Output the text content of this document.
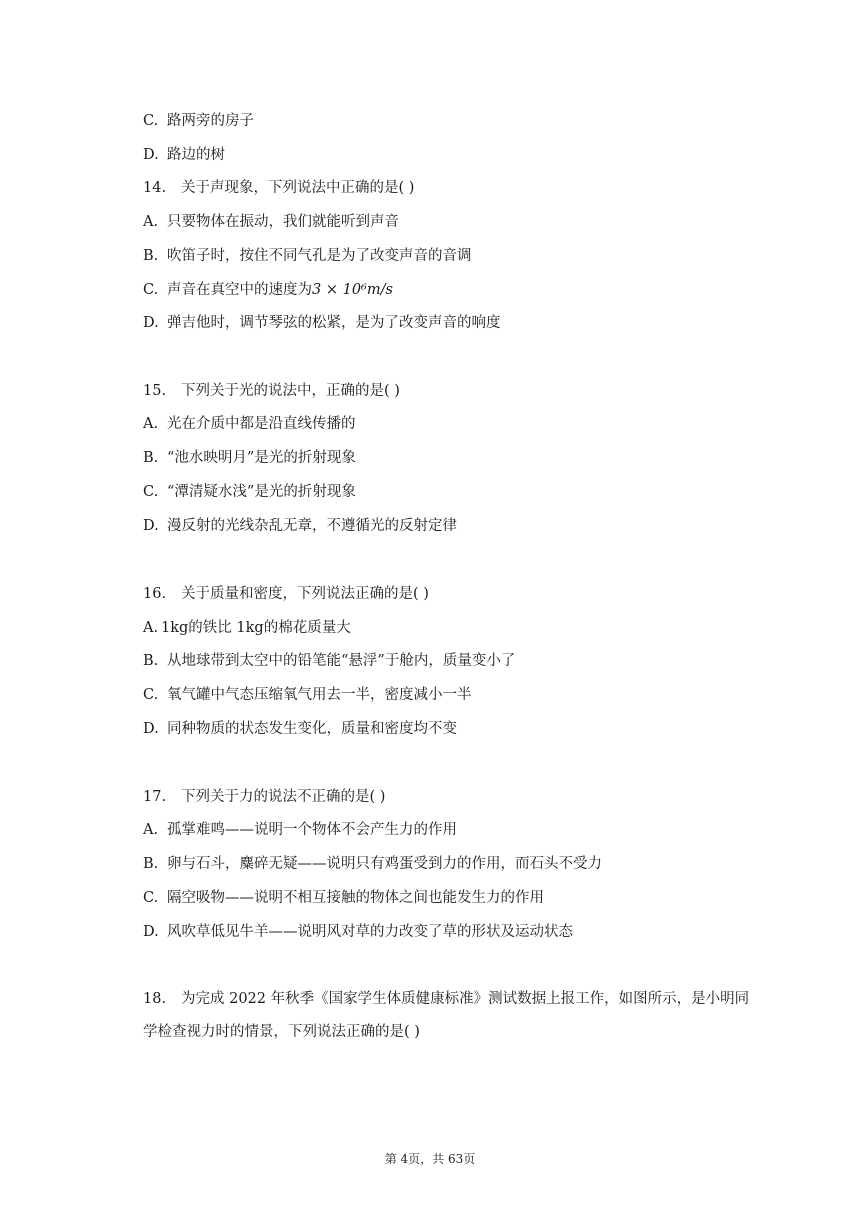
C. 路两旁的房子
D. 路边的树
14. 关于声现象，下列说法中正确的是( )
A. 只要物体在振动，我们就能听到声音
B. 吹笛子时，按住不同气孔是为了改变声音的音调
C. 声音在真空中的速度为3 × 10⁶m/s
D. 弹吉他时，调节琴弦的松紧，是为了改变声音的响度
15. 下列关于光的说法中，正确的是( )
A. 光在介质中都是沿直线传播的
B. “池水映明月”是光的折射现象
C. “潭清疑水浅”是光的折射现象
D. 漫反射的光线杂乱无章，不遵循光的反射定律
16. 关于质量和密度，下列说法正确的是( )
A. 1kg的铁比 1kg的棉花质量大
B. 从地球带到太空中的铅笔能“悬浮”于舱内，质量变小了
C. 氧气罐中气态压缩氧气用去一半，密度减小一半
D. 同种物质的状态发生变化，质量和密度均不变
17. 下列关于力的说法不正确的是( )
A. 孤掌难鸣——说明一个物体不会产生力的作用
B. 卵与石斗，麋碎无疑——说明只有鸡蛋受到力的作用，而石头不受力
C. 隔空吸物——说明不相互接触的物体之间也能发生力的作用
D. 风吹草低见牛羊——说明风对草的力改变了草的形状及运动状态
18. 为完成 2022 年秋季《国家学生体质健康标准》测试数据上报工作，如图所示，是小明同学检查视力时的情景，下列说法正确的是( )
第 4页，共 63页
